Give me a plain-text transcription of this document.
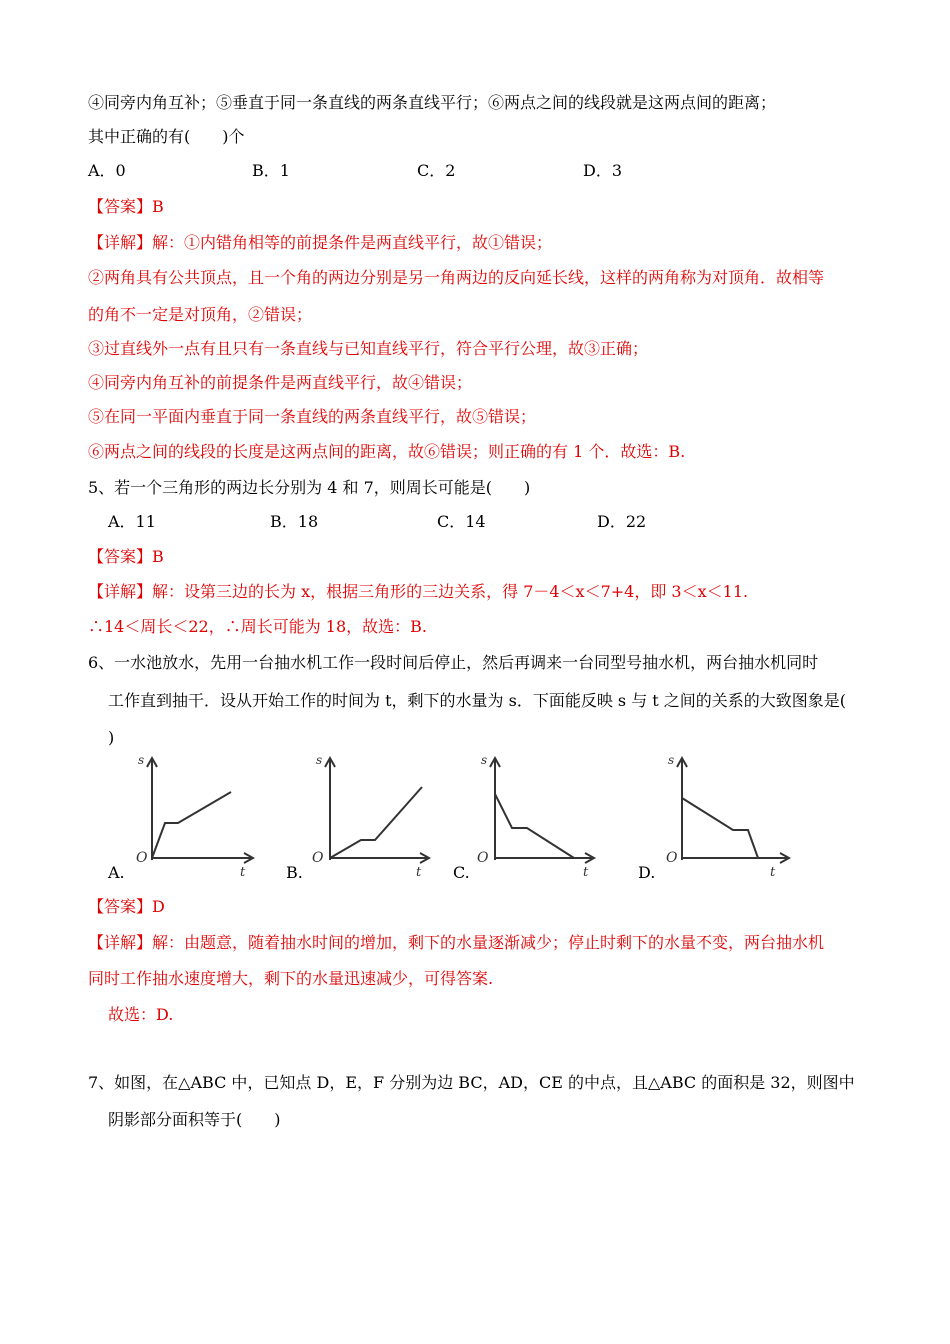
④同旁内角互补；⑤垂直于同一条直线的两条直线平行；⑥两点之间的线段就是这两点间的距离；
其中正确的有(　　)个
A．0	B．1	C．2	D．3
【答案】B
【详解】解：①内错角相等的前提条件是两直线平行，故①错误；
②两角具有公共顶点，且一个角的两边分别是另一角两边的反向延长线，这样的两角称为对顶角．故相等
的角不一定是对顶角，②错误；
③过直线外一点有且只有一条直线与已知直线平行，符合平行公理，故③正确；
④同旁内角互补的前提条件是两直线平行，故④错误；
⑤在同一平面内垂直于同一条直线的两条直线平行，故⑤错误；
⑥两点之间的线段的长度是这两点间的距离，故⑥错误；则正确的有 1 个．故选：B.
5、若一个三角形的两边长分别为 4 和 7，则周长可能是(　　)
A．11	B．18	C．14	D．22
【答案】B
【详解】解：设第三边的长为 x，根据三角形的三边关系，得 7－4＜x＜7+4，即 3＜x＜11.
∴14＜周长＜22，∴周长可能为 18，故选：B.
6、一水池放水，先用一台抽水机工作一段时间后停止，然后再调来一台同型号抽水机，两台抽水机同时
工作直到抽干．设从开始工作的时间为 t，剩下的水量为 s．下面能反映 s 与 t 之间的关系的大致图象是(
)
s
O
t
A.
s
O
t
B.
s
O
t
C.
s
O
t
D.
【答案】D
【详解】解：由题意，随着抽水时间的增加，剩下的水量逐渐减少；停止时剩下的水量不变，两台抽水机
同时工作抽水速度增大，剩下的水量迅速减少，可得答案.
故选：D.
7、如图，在△ABC 中，已知点 D，E，F 分别为边 BC，AD，CE 的中点，且△ABC 的面积是 32，则图中
阴影部分面积等于(　　)
